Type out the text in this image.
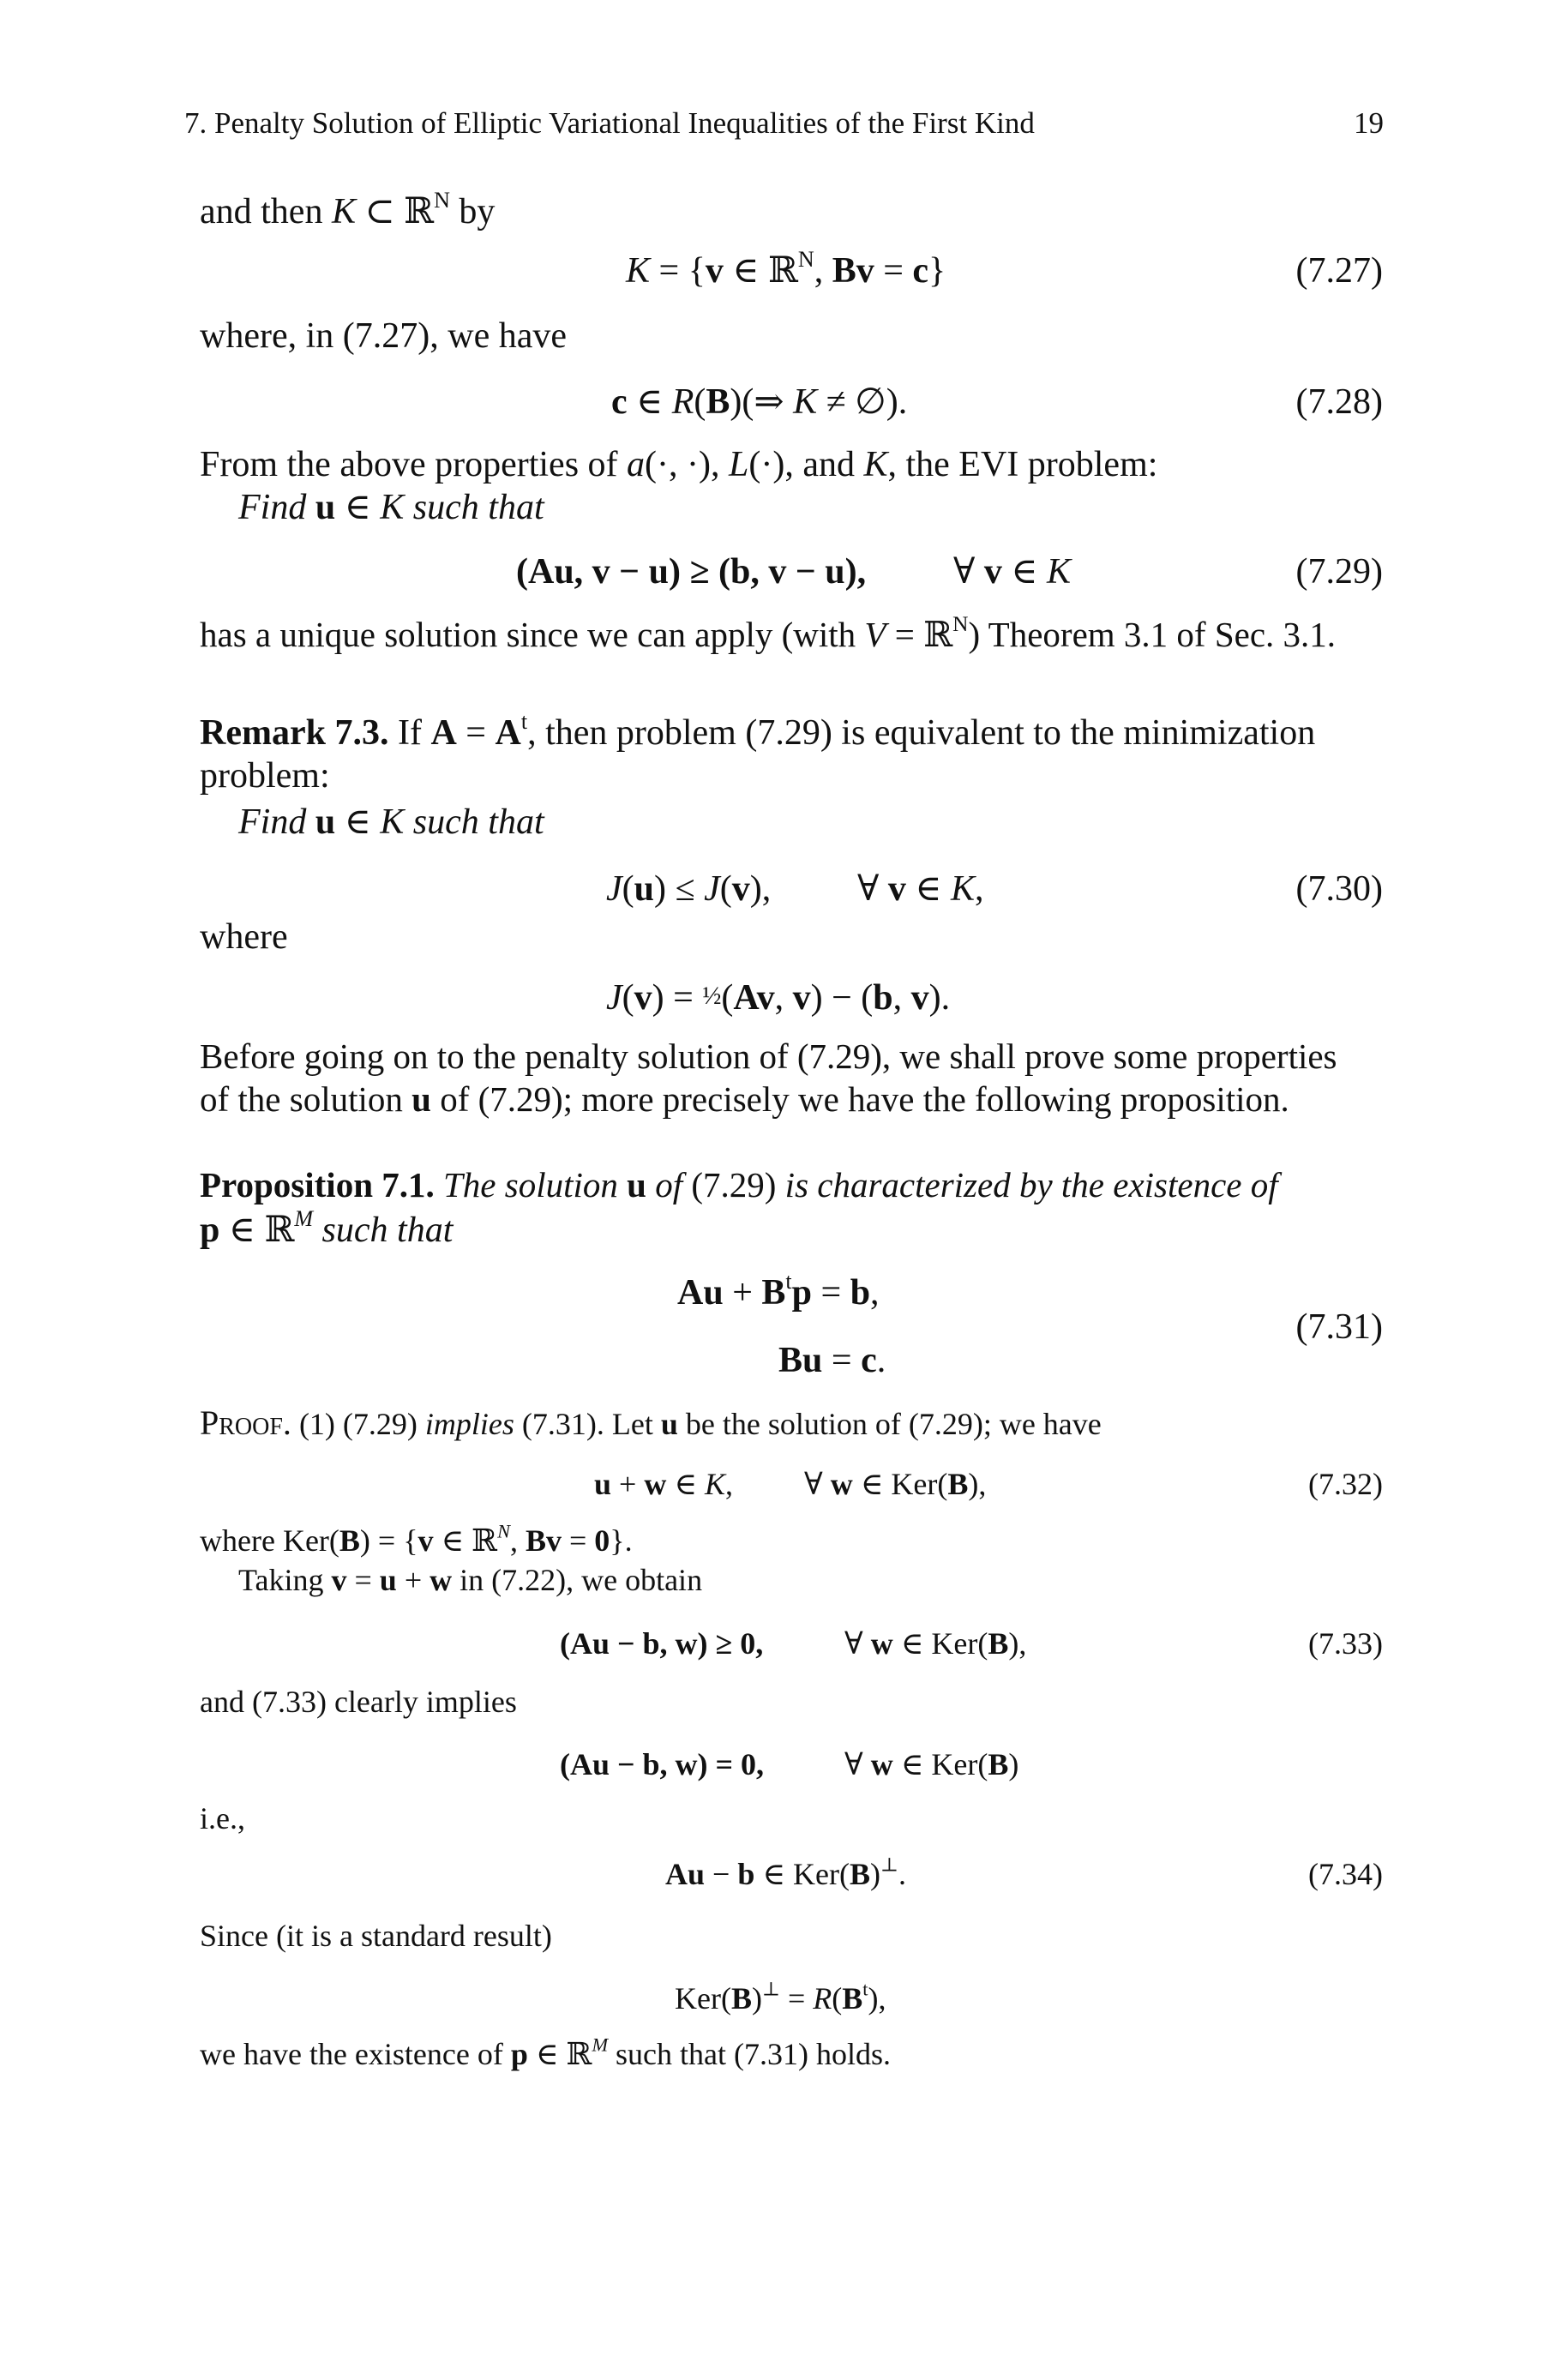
7. Penalty Solution of Elliptic Variational Inequalities of the First Kind	19
and then K ⊂ ℝ$^N$ by
K = {v ∈ ℝ$^N$, Bv = c}	(7.27)
where, in (7.27), we have
c ∈ R(B)(⇒ K ≠ ∅).	(7.28)
From the above properties of a(·, ·), L(·), and K, the EVI problem:
Find u ∈ K such that
(Au, v − u) ≥ (b, v − u), ∀ v ∈ K	(7.29)
has a unique solution since we can apply (with V = ℝ$^N$) Theorem 3.1 of Sec. 3.1.
Remark 7.3. If $A = A^t$, then problem (7.29) is equivalent to the minimization
problem:
Find u ∈ K such that
J(u) ≤ J(v), ∀ v ∈ K,	(7.30)
where
J(v) = ½(Av, v) − (b, v).
Before going on to the penalty solution of (7.29), we shall prove some properties
of the solution u of (7.29); more precisely we have the following proposition.
Proposition 7.1. The solution u of (7.29) is characterized by the existence of
p ∈ ℝ$^M$ such that
$Au + B^tp = b$,
Bu = c.
(7.31)
Proof. (1) (7.29) implies (7.31). Let u be the solution of (7.29); we have
u + w ∈ K, ∀ w ∈ Ker(B),	(7.32)
where Ker(B) = {v ∈ ℝ$^N$, Bv = 0}.
Taking v = u + w in (7.22), we obtain
(Au − b, w) ≥ 0,	∀ w ∈ Ker(B),	(7.33)
and (7.33) clearly implies
(Au − b, w) = 0,	∀ w ∈ Ker(B)
i.e.,
Au − b ∈ Ker(B)⊥.	(7.34)
Since (it is a standard result)
$Ker(B)^\perp = R(B^t)$,
we have the existence of p ∈ ℝ$^M$ such that (7.31) holds.
